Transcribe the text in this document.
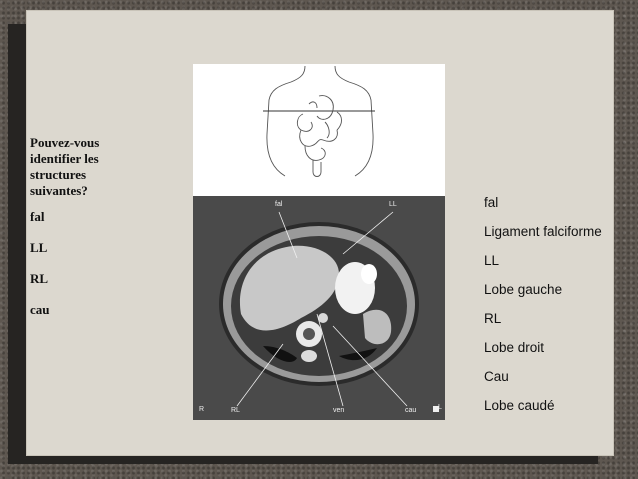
Pouvez-vous identifier les structures suivantes?
fal
LL
RL
cau
fal	LL
R	RL	ven	cau	L
fal
Ligament falciforme
LL
Lobe gauche
RL
Lobe droit
Cau
Lobe caudé
